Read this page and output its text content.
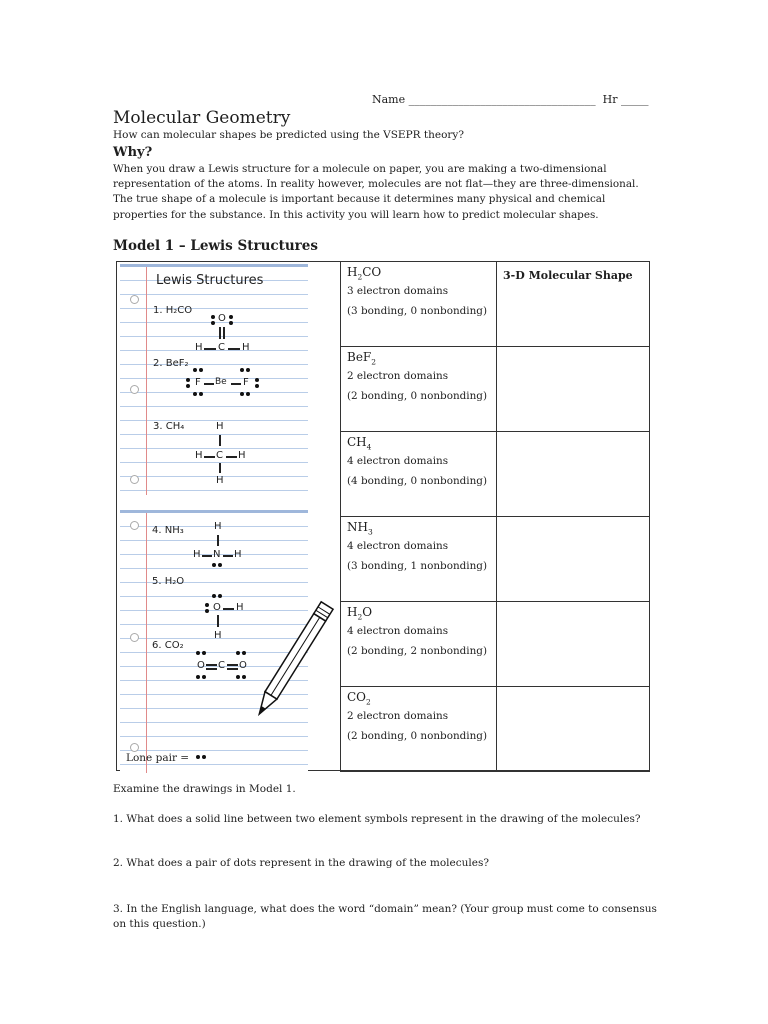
Name __________________________________  Hr _____
Molecular Geometry
How can molecular shapes be predicted using the VSEPR theory?
Why?
When you draw a Lewis structure for a molecule on paper, you are making a two-dimensional representation of the atoms. In reality however, molecules are not flat—they are three-dimensional. The true shape of a molecule is important because it determines many physical and chemical properties for the substance. In this activity you will learn how to predict molecular shapes.
Model 1 – Lewis Structures
Lewis Structures
1. H₂CO
O
H C H
2. BeF₂
F Be F
3. CH₄	H
H C H
H
4. NH₃	H
H N H
5. H₂O
O H
H
6. CO₂
O C O
Lone pair =
$H_2CO$
3 electron domains
(3 bonding, 0 nonbonding)	3-D Molecular Shape

BeF$_2$
2 electron domains
(2 bonding, 0 nonbonding)	

$CH_4$
4 electron domains
(4 bonding, 0 nonbonding)	

$NH_3$
4 electron domains
(3 bonding, 1 nonbonding)	

$H_2O$
4 electron domains
(2 bonding, 2 nonbonding)	

$CO_2$
2 electron domains
(2 bonding, 0 nonbonding)	

Examine the drawings in Model 1.
1. What does a solid line between two element symbols represent in the drawing of the molecules?
2. What does a pair of dots represent in the drawing of the molecules?
3. In the English language, what does the word “domain” mean? (Your group must come to consensus on this question.)
